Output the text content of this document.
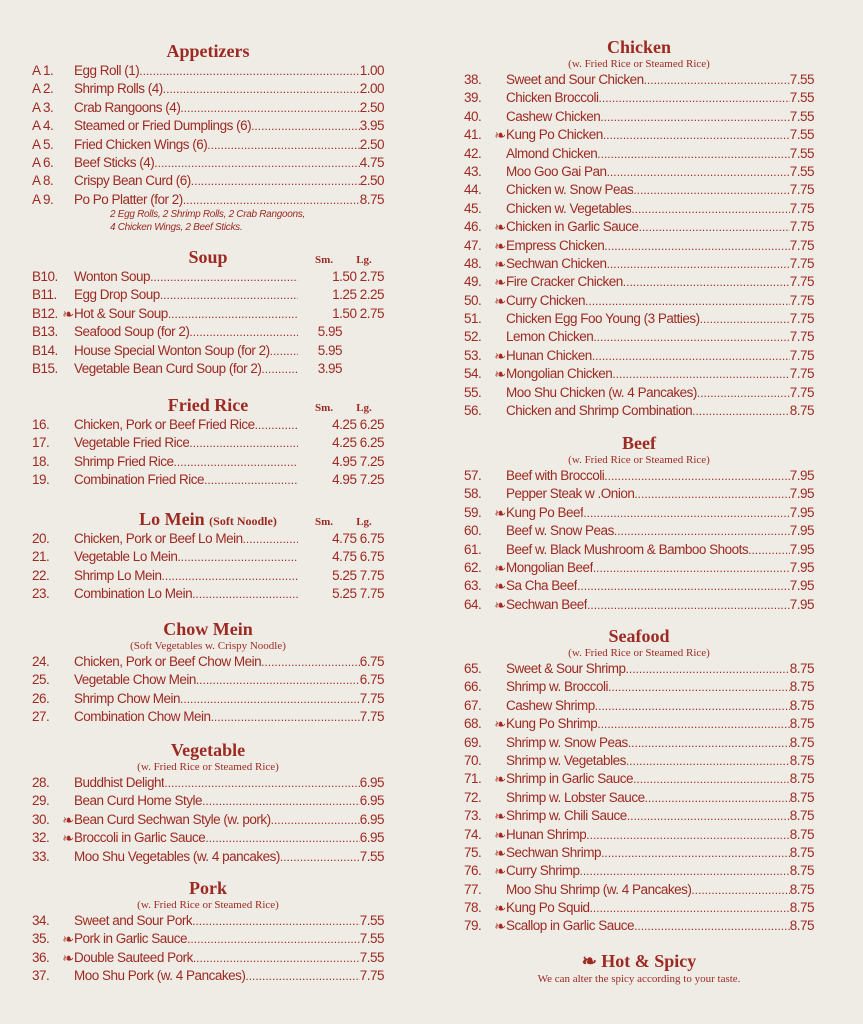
Appetizers
A 1.	Egg Roll (1) .....	1.00
A 2.	Shrimp Rolls (4) .....	2.00
A 3.	Crab Rangoons (4) .....	2.50
A 4.	Steamed or Fried Dumplings (6) .....	3.95
A 5.	Fried Chicken Wings (6) .....	2.50
A 6.	Beef Sticks (4) .....	4.75
A 8.	Crispy Bean Curd (6) .....	2.50
A 9.	Po Po Platter (for 2) .....	8.75
2 Egg Rolls, 2 Shrimp Rolls, 2 Crab Rangoons,
4 Chicken Wings, 2 Beef Sticks.
Soup	Sm. Lg.
B10.	Wonton Soup .....	1.50 2.75
B11.	Egg Drop Soup .....	1.25 2.25
B12. ❧ Hot & Sour Soup .....	1.50 2.75
B13.	Seafood Soup (for 2) .....	5.95
B14.	House Special Wonton Soup (for 2) .....	5.95
B15.	Vegetable Bean Curd Soup (for 2) .....	3.95
Fried Rice	Sm. Lg.
16.	Chicken, Pork or Beef Fried Rice .....	4.25 6.25
17.	Vegetable Fried Rice .....	4.25 6.25
18.	Shrimp Fried Rice .....	4.95 7.25
19.	Combination Fried Rice .....	4.95 7.25
Lo Mein (Soft Noodle)	Sm. Lg.
20.	Chicken, Pork or Beef Lo Mein .....	4.75 6.75
21.	Vegetable Lo Mein .....	4.75 6.75
22.	Shrimp Lo Mein .....	5.25 7.75
23.	Combination Lo Mein .....	5.25 7.75
Chow Mein
(Soft Vegetables w. Crispy Noodle)
24.	Chicken, Pork or Beef Chow Mein .....	6.75
25.	Vegetable Chow Mein .....	6.75
26.	Shrimp Chow Mein .....	7.75
27.	Combination Chow Mein .....	7.75
Vegetable
(w. Fried Rice or Steamed Rice)
28.	Buddhist Delight .....	6.95
29.	Bean Curd Home Style .....	6.95
30. ❧ Bean Curd Sechwan Style (w. pork) .....	6.95
32. ❧ Broccoli in Garlic Sauce .....	6.95
33.	Moo Shu Vegetables (w. 4 pancakes) .....	7.55
Pork
(w. Fried Rice or Steamed Rice)
34.	Sweet and Sour Pork .....	7.55
35. ❧ Pork in Garlic Sauce .....	7.55
36. ❧ Double Sauteed Pork .....	7.55
37.	Moo Shu Pork (w. 4 Pancakes) .....	7.75
Chicken
(w. Fried Rice or Steamed Rice)
38.	Sweet and Sour Chicken .....	7.55
39.	Chicken Broccoli .....	7.55
40.	Cashew Chicken .....	7.55
41. ❧ Kung Po Chicken .....	7.55
42.	Almond Chicken .....	7.55
43.	Moo Goo Gai Pan .....	7.55
44.	Chicken w. Snow Peas .....	7.75
45.	Chicken w. Vegetables .....	7.75
46. ❧ Chicken in Garlic Sauce .....	7.75
47. ❧ Empress Chicken .....	7.75
48. ❧ Sechwan Chicken .....	7.75
49. ❧ Fire Cracker Chicken .....	7.75
50. ❧ Curry Chicken .....	7.75
51.	Chicken Egg Foo Young (3 Patties) .....	7.75
52.	Lemon Chicken .....	7.75
53. ❧ Hunan Chicken .....	7.75
54. ❧ Mongolian Chicken .....	7.75
55.	Moo Shu Chicken (w. 4 Pancakes) .....	7.75
56.	Chicken and Shrimp Combination .....	8.75
Beef
(w. Fried Rice or Steamed Rice)
57.	Beef with Broccoli .....	7.95
58.	Pepper Steak w .Onion .....	7.95
59. ❧ Kung Po Beef .....	7.95
60.	Beef w. Snow Peas .....	7.95
61.	Beef w. Black Mushroom & Bamboo Shoots .....	7.95
62. ❧ Mongolian Beef .....	7.95
63. ❧ Sa Cha Beef .....	7.95
64. ❧ Sechwan Beef .....	7.95
Seafood
(w. Fried Rice or Steamed Rice)
65.	Sweet & Sour Shrimp .....	8.75
66.	Shrimp w. Broccoli .....	8.75
67.	Cashew Shrimp .....	8.75
68. ❧ Kung Po Shrimp .....	8.75
69.	Shrimp w. Snow Peas .....	8.75
70.	Shrimp w. Vegetables .....	8.75
71. ❧ Shrimp in Garlic Sauce .....	8.75
72.	Shrimp w. Lobster Sauce .....	8.75
73. ❧ Shrimp w. Chili Sauce .....	8.75
74. ❧ Hunan Shrimp .....	8.75
75. ❧ Sechwan Shrimp .....	8.75
76. ❧ Curry Shrimp .....	8.75
77.	Moo Shu Shrimp (w. 4 Pancakes) .....	8.75
78. ❧ Kung Po Squid .....	8.75
79. ❧ Scallop in Garlic Sauce .....	8.75
❧ Hot & Spicy
We can alter the spicy according to your taste.
